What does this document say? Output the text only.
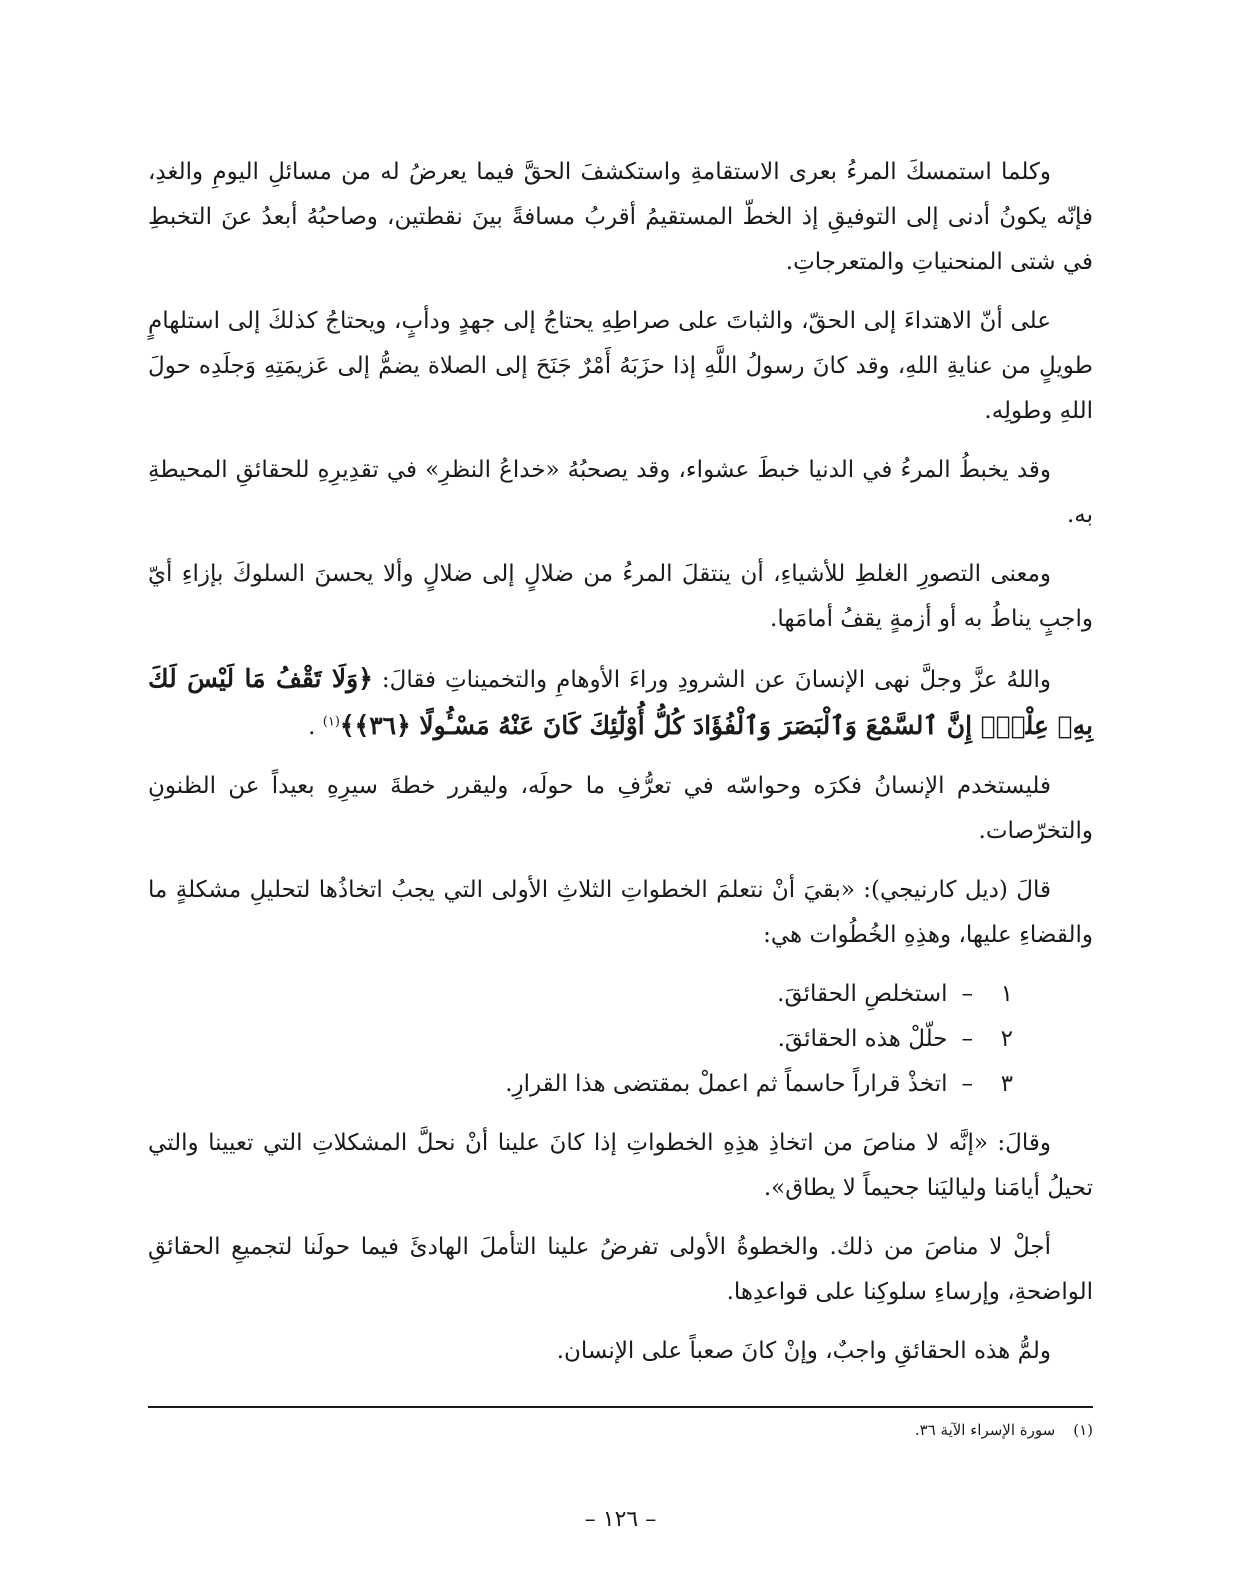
وكلما استمسكَ المرءُ بعرى الاستقامةِ واستكشفَ الحقَّ فيما يعرضُ له من مسائلِ اليومِ والغدِ، فإنّه يكونُ أدنى إلى التوفيقِ إذ الخطّ المستقيمُ أقربُ مسافةً بينَ نقطتين، وصاحبُهُ أبعدُ عنَ التخبطِ في شتى المنحنياتِ والمتعرجاتِ.

على أنّ الاهتداءَ إلى الحقّ، والثباتَ على صراطِهِ يحتاجُ إلى جهدٍ ودأبٍ، ويحتاجُ كذلكَ إلى استلهامٍ طويلٍ من عنايةِ اللهِ، وقد كانَ رسولُ اللَّهِ إذا حزَبَهُ أَمْرٌ جَنَحَ إلى الصلاة يضمُّ إلى عَزيمَتِهِ وَجلَدِه حولَ اللهِ وطولِه.

وقد يخبطُ المرءُ في الدنيا خبطَ عشواء، وقد يصحبُهُ «خداعُ النظرِ» في تقدِيرِهِ للحقائقِ المحيطةِ به.

ومعنى التصورِ الغلطِ للأشياءِ، أن ينتقلَ المرءُ من ضلالٍ إلى ضلالٍ وألا يحسنَ السلوكَ بإزاءِ أيّ واجبٍ يناطُ به أو أزمةٍ يقفُ أمامَها.

واللهُ عزَّ وجلَّ نهى الإنسانَ عن الشرودِ وراءَ الأوهامِ والتخميناتِ فقالَ: ﴿وَلَا تَقْفُ مَا لَيْسَ لَكَ بِهِۦ عِلْمٌۚ إِنَّ ٱلسَّمْعَ وَٱلْبَصَرَ وَٱلْفُؤَادَ كُلُّ أُوْلَٰٓئِكَ كَانَ عَنْهُ مَسْـُٔولًا ﴿٣٦﴾﴾$^{(١)}$ .

فليستخدم الإنسانُ فكرَه وحواسّه في تعرُّفِ ما حولَه، وليقرر خطةَ سيرِهِ بعيداً عن الظنونِ والتخرّصات.

قالَ (ديل كارنيجي): «بقيَ أنْ نتعلمَ الخطواتِ الثلاثِ الأولى التي يجبُ اتخاذُها لتحليلِ مشكلةٍ ما والقضاءِ عليها، وهذِهِ الخُطُوات هي:

١
–
استخلصِ الحقائقَ.
٢
–
حلّلْ هذه الحقائقَ.
٣
–
اتخذْ قراراً حاسماً ثم اعملْ بمقتضى هذا القرارِ.

وقالَ: «إنَّه لا مناصَ من اتخاذِ هذِهِ الخطواتِ إذا كانَ علينا أنْ نحلَّ المشكلاتِ التي تعيينا والتي تحيلُ أيامَنا ولياليَنا جحيماً لا يطاق».

أجلْ لا مناصَ من ذلك. والخطوةُ الأولى تفرضُ علينا التأملَ الهادئَ فيما حولَنا لتجميعِ الحقائقِ الواضحةِ، وإرساءِ سلوكِنا على قواعدِها.

ولمُّ هذه الحقائقِ واجبٌ، وإنْ كانَ صعباً على الإنسان.

(١)سورة الإسراء الآية ٣٦.
– ١٢٦ –
